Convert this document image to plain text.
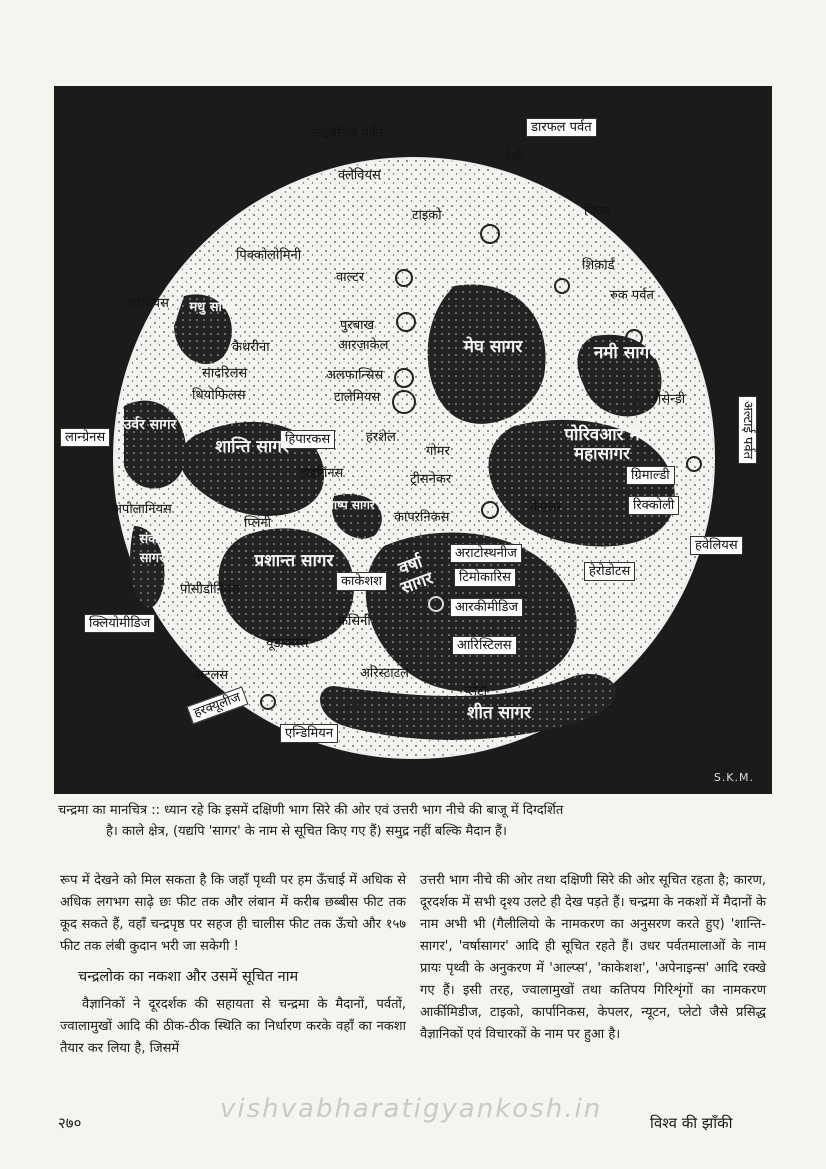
लाइबनिज पर्वत	डारफल पर्वत
वेली
क्लेवियस
टाइको	शिलर
पिक्कोलोमिनी
वाल्टर
शिकार्ड
रुक पर्वत
पटेवियस
पुरबाख
कैथरीना	आरज़ाकेल
अलफान्सिस
थियोफिलस	टालेमियस
सादरिलस
गैसेन्डी
लान्ग्रेनस	हिपारकस	हरशेल
गोमर	अल्टाई पर्वत
हाइगिनस	ट्रीसनेकर	ग्रिमाल्डी
अपोलानियस
कापरनिकस
केपलर	रिक्कोली
प्लिनी
हवेलियस
अराटोस्थनीज
टिमोकारिस	हेरोडोटस
काकेशश
पोसीडोनियस
आरकीमीडिज
क्लियोमीडिज	कसिनी
यूडाक्सस	आरिस्टिलस
अटलस	अरिस्टाटल
प्लेटो
हरक्यूलीज
एन्डिमियन
मेघ सागर
मधु सागर
नमी सागर
उर्वर सागर
शान्ति सागर
पोरिवआर में महासागर
संकट सागर	प्रशान्त सागर
वाष्प सागर
वर्षा सागर
शीत सागर
S.K.M.
चन्द्रमा का मानचित्र :: ध्यान रहे कि इसमें दक्षिणी भाग सिरे की ओर एवं उत्तरी भाग नीचे की बाजू में दिग्दर्शित
है। काले क्षेत्र, (यद्यपि 'सागर' के नाम से सूचित किए गए हैं) समुद्र नहीं बल्कि मैदान हैं।

रूप में देखने को मिल सकता है कि जहाँ पृथ्वी पर हम ऊँचाई में अधिक से अधिक लगभग साढ़े छः फीट तक और लंबान में करीब छब्बीस फीट तक कूद सकते हैं, वहाँ चन्द्रपृष्ठ पर सहज ही चालीस फीट तक ऊँचो और १५७ फीट तक लंबी कुदान भरी जा सकेगी !

चन्द्रलोक का नकशा और उसमें सूचित नाम

वैज्ञानिकों ने दूरदर्शक की सहायता से चन्द्रमा के मैदानों, पर्वतों, ज्वालामुखों आदि की ठीक-ठीक स्थिति का निर्धारण करके वहाँ का नकशा तैयार कर लिया है, जिसमें

उत्तरी भाग नीचे की ओर तथा दक्षिणी सिरे की ओर सूचित रहता है; कारण, दूरदर्शक में सभी दृश्य उलटे ही देख पड़ते हैं। चन्द्रमा के नकशों में मैदानों के नाम अभी भी (गैलीलियो के नामकरण का अनुसरण करते हुए) 'शान्ति-सागर', 'वर्षासागर' आदि ही सूचित रहते हैं। उधर पर्वतमालाओं के नाम प्रायः पृथ्वी के अनुकरण में 'आल्प्स', 'काकेशश', 'अपेनाइन्स' आदि रक्खे गए हैं। इसी तरह, ज्वालामुखों तथा कतिपय गिरिशृंगों का नामकरण आर्कीमिडीज, टाइको, कार्पानिकस, केपलर, न्यूटन, प्लेटो जैसे प्रसिद्ध वैज्ञानिकों एवं विचारकों के नाम पर हुआ है।

vishvabharatigyankosh.in
२७०	विश्व की झाँकी
